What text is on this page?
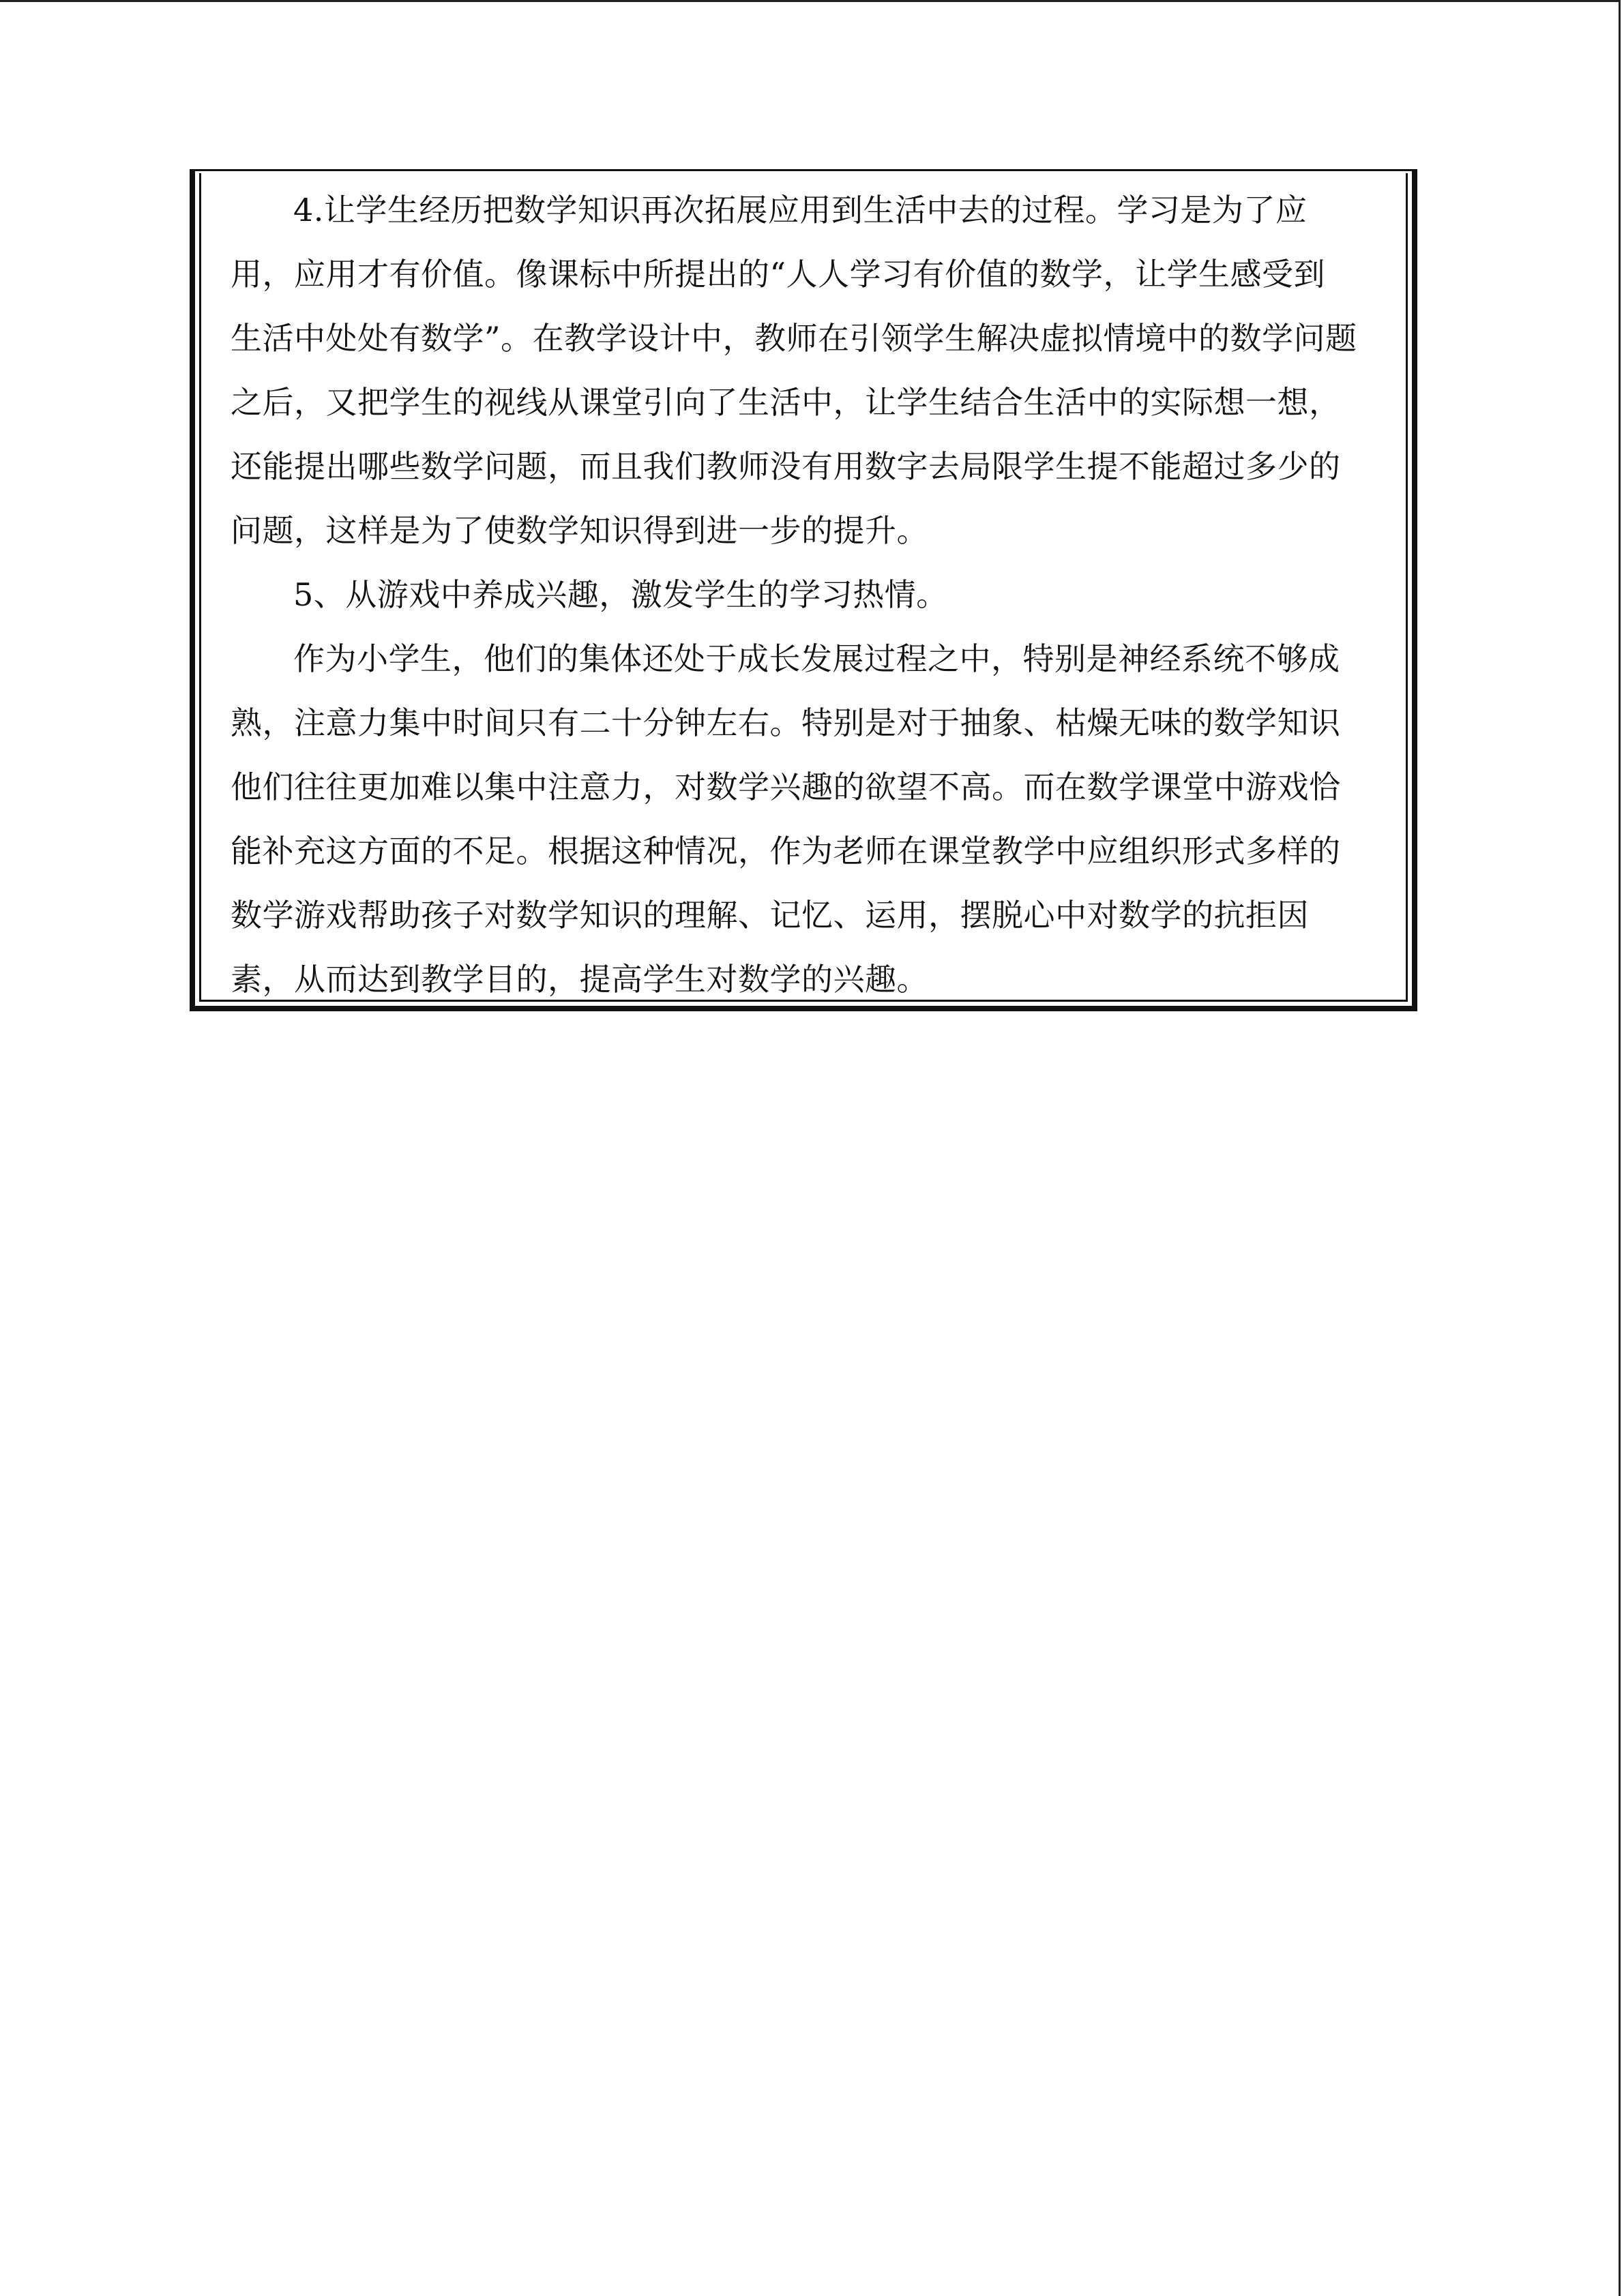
4.让学生经历把数学知识再次拓展应用到生活中去的过程。学习是为了应
用，应用才有价值。像课标中所提出的“人人学习有价值的数学，让学生感受到
生活中处处有数学”。在教学设计中，教师在引领学生解决虚拟情境中的数学问题
之后，又把学生的视线从课堂引向了生活中，让学生结合生活中的实际想一想，
还能提出哪些数学问题，而且我们教师没有用数字去局限学生提不能超过多少的
问题，这样是为了使数学知识得到进一步的提升。

5、从游戏中养成兴趣，激发学生的学习热情。

作为小学生，他们的集体还处于成长发展过程之中，特别是神经系统不够成
熟，注意力集中时间只有二十分钟左右。特别是对于抽象、枯燥无味的数学知识
他们往往更加难以集中注意力，对数学兴趣的欲望不高。而在数学课堂中游戏恰
能补充这方面的不足。根据这种情况，作为老师在课堂教学中应组织形式多样的
数学游戏帮助孩子对数学知识的理解、记忆、运用，摆脱心中对数学的抗拒因
素，从而达到教学目的，提高学生对数学的兴趣。
